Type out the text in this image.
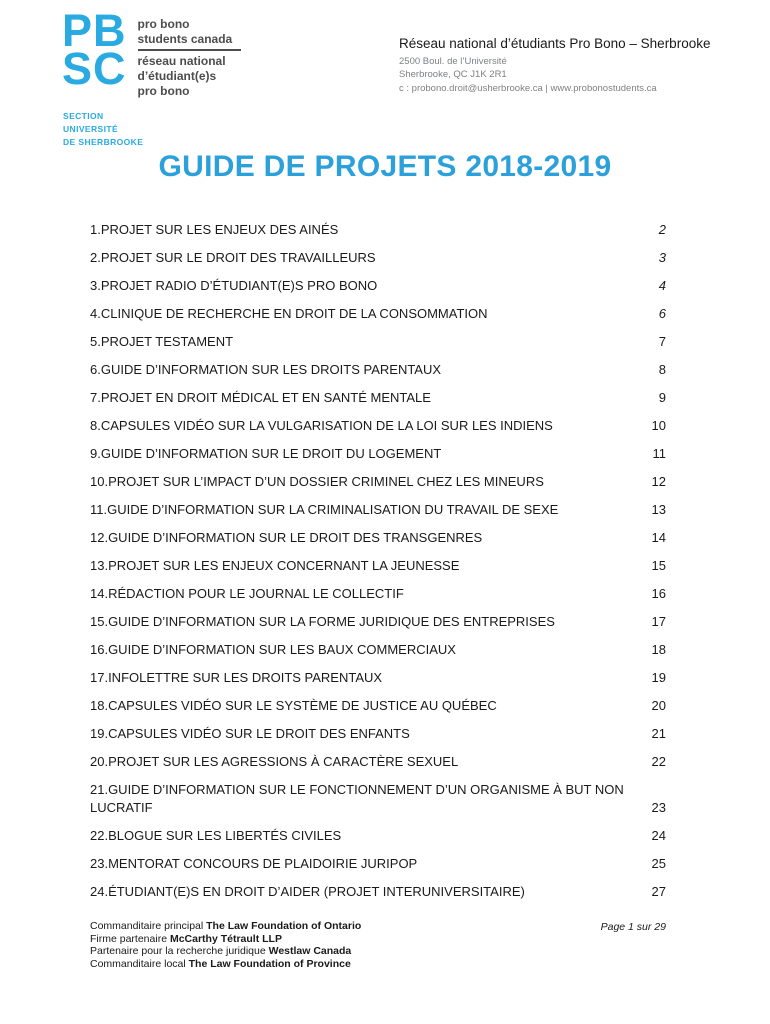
PB
SC
pro bono
students canada
réseau national
d’étudiant(e)s
pro bono
SECTION
UNIVERSITÉ
DE SHERBROOKE
Réseau national d’étudiants Pro Bono – Sherbrooke
2500 Boul. de l’Université
Sherbrooke, QC J1K 2R1
c : probono.droit@usherbrooke.ca | www.probonostudents.ca
GUIDE DE PROJETS 2018-2019
1.PROJET SUR LES ENJEUX DES AINÉS	2
2.PROJET SUR LE DROIT DES TRAVAILLEURS	3
3.PROJET RADIO D’ÉTUDIANT(E)S PRO BONO	4
4.CLINIQUE DE RECHERCHE EN DROIT DE LA CONSOMMATION	6
5.PROJET TESTAMENT	7
6.GUIDE D’INFORMATION SUR LES DROITS PARENTAUX	8
7.PROJET EN DROIT MÉDICAL ET EN SANTÉ MENTALE	9
8.CAPSULES VIDÉO SUR LA VULGARISATION DE LA LOI SUR LES INDIENS	10
9.GUIDE D’INFORMATION SUR LE DROIT DU LOGEMENT	11
10.PROJET SUR L’IMPACT D’UN DOSSIER CRIMINEL CHEZ LES MINEURS	12
11.GUIDE D’INFORMATION SUR LA CRIMINALISATION DU TRAVAIL DE SEXE	13
12.GUIDE D’INFORMATION SUR LE DROIT DES TRANSGENRES	14
13.PROJET SUR LES ENJEUX CONCERNANT LA JEUNESSE	15
14.RÉDACTION POUR LE JOURNAL LE COLLECTIF	16
15.GUIDE D’INFORMATION SUR LA FORME JURIDIQUE DES ENTREPRISES	17
16.GUIDE D’INFORMATION SUR LES BAUX COMMERCIAUX	18
17.INFOLETTRE SUR LES DROITS PARENTAUX	19
18.CAPSULES VIDÉO SUR LE SYSTÈME DE JUSTICE AU QUÉBEC	20
19.CAPSULES VIDÉO SUR LE DROIT DES ENFANTS	21
20.PROJET SUR LES AGRESSIONS À CARACTÈRE SEXUEL	22
21.GUIDE D’INFORMATION SUR LE FONCTIONNEMENT D’UN ORGANISME À BUT NON LUCRATIF	23
22.BLOGUE SUR LES LIBERTÉS CIVILES	24
23.MENTORAT CONCOURS DE PLAIDOIRIE JURIPOP	25
24.ÉTUDIANT(E)S EN DROIT D’AIDER (PROJET INTERUNIVERSITAIRE)	27
Commanditaire principal The Law Foundation of Ontario
Firme partenaire McCarthy Tétrault LLP
Partenaire pour la recherche juridique Westlaw Canada
Commanditaire local The Law Foundation of Province
Page 1 sur 29
